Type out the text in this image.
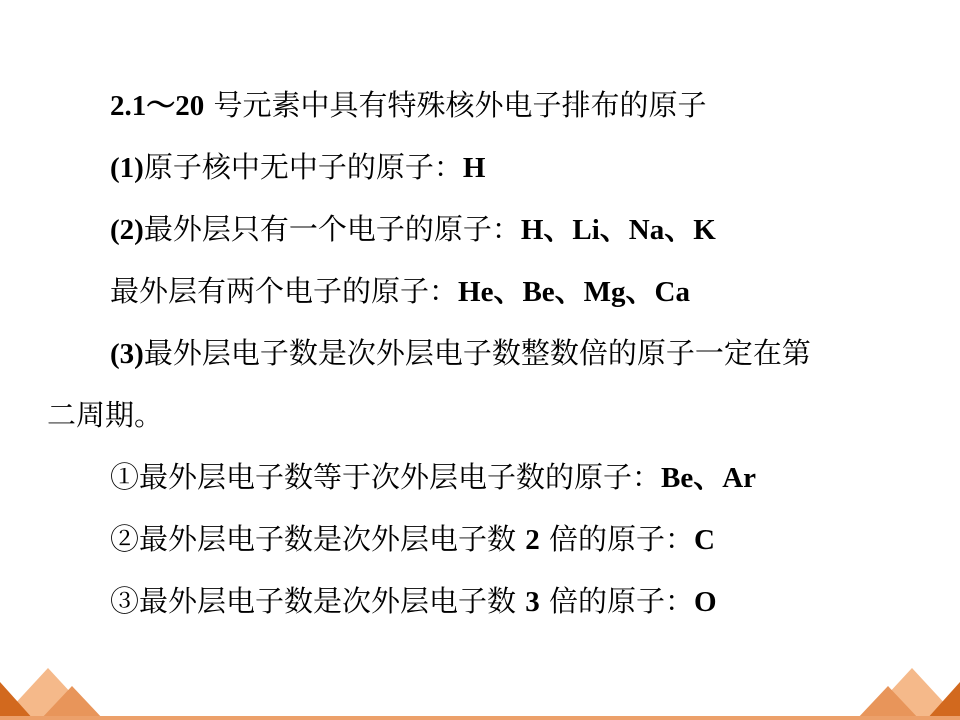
2.1～20 号元素中具有特殊核外电子排布的原子
(1)原子核中无中子的原子：H
(2)最外层只有一个电子的原子：H、Li、Na、K
最外层有两个电子的原子：He、Be、Mg、Ca
(3)最外层电子数是次外层电子数整数倍的原子一定在第
二周期。
①最外层电子数等于次外层电子数的原子：Be、Ar
②最外层电子数是次外层电子数 2 倍的原子：C
③最外层电子数是次外层电子数 3 倍的原子：O
